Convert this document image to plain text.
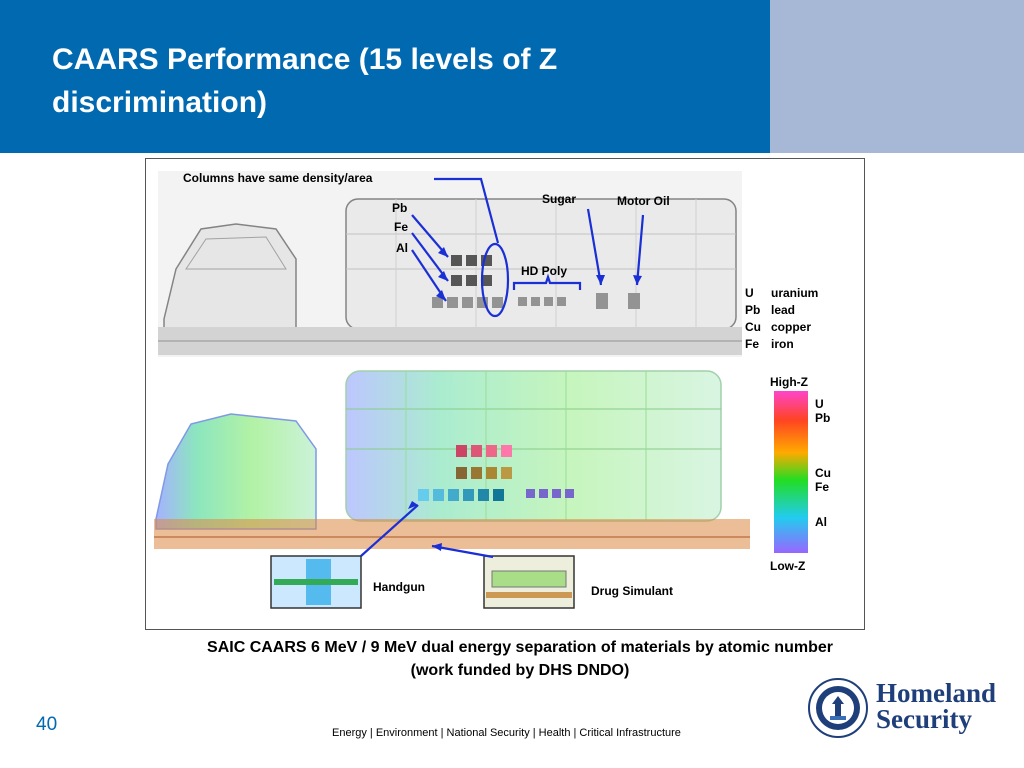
CAARS Performance (15 levels of Z discrimination)
Columns have same density/area
Pb
Fe
Al
Sugar	Motor Oil
HD Poly
Handgun	Drug Simulant
U uranium
Pb lead
Cu copper
Fe iron
High-Z
U
Pb
Cu
Fe
Al
Low-Z
SAIC CAARS 6 MeV / 9 MeV dual energy separation of materials by atomic number
(work funded by DHS DNDO)
40	Energy | Environment | National Security | Health | Critical Infrastructure
Homeland
Security
